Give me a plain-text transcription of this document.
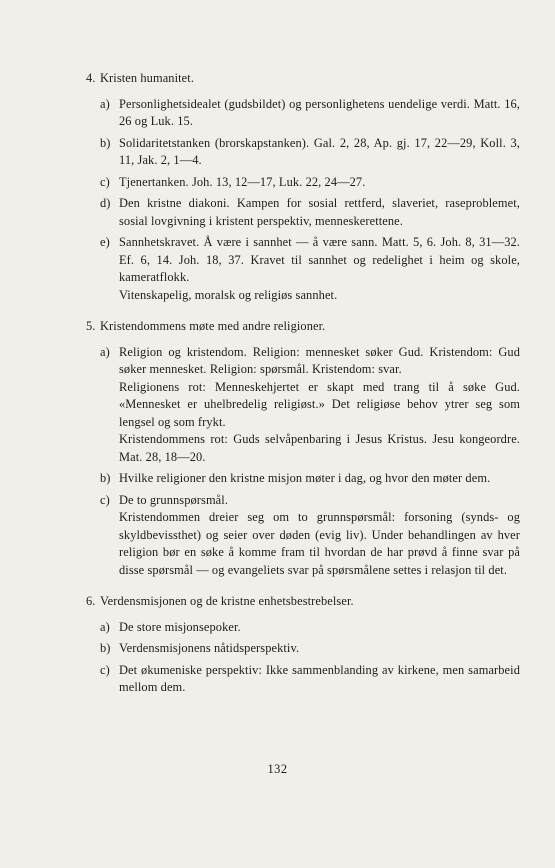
4. Kristen humanitet.
a) Personlighetsidealet (gudsbildet) og personlighetens uendelige verdi. Matt. 16, 26 og Luk. 15.

b) Solidaritetstanken (brorskapstanken). Gal. 2, 28, Ap. gj. 17, 22—29, Koll. 3, 11, Jak. 2, 1—4.

c) Tjenertanken. Joh. 13, 12—17, Luk. 22, 24—27.

d) Den kristne diakoni. Kampen for sosial rettferd, slaveriet, raseproblemet, sosial lovgivning i kristent perspektiv, menneskerettene.

e) Sannhetskravet. Å være i sannhet — å være sann. Matt. 5, 6. Joh. 8, 31—32. Ef. 6, 14. Joh. 18, 37. Kravet til sannhet og redelighet i heim og skole, kameratflokk.

Vitenskapelig, moralsk og religiøs sannhet.

5. Kristendommens møte med andre religioner.
a) Religion og kristendom. Religion: mennesket søker Gud. Kristendom: Gud søker mennesket. Religion: spørsmål. Kristendom: svar.

Religionens rot: Menneskehjertet er skapt med trang til å søke Gud. «Mennesket er uhelbredelig religiøst.» Det religiøse behov ytrer seg som lengsel og som frykt.

Kristendommens rot: Guds selvåpenbaring i Jesus Kristus. Jesu kongeordre. Mat. 28, 18—20.

b) Hvilke religioner den kristne misjon møter i dag, og hvor den møter dem.

c) De to grunnspørsmål.

Kristendommen dreier seg om to grunnspørsmål: forsoning (synds- og skyldbevissthet) og seier over døden (evig liv). Under behandlingen av hver religion bør en søke å komme fram til hvordan de har prøvd å finne svar på disse spørsmål — og evangeliets svar på spørsmålene settes i relasjon til det.

6. Verdensmisjonen og de kristne enhetsbestrebelser.
a) De store misjonsepoker.

b) Verdensmisjonens nåtidsperspektiv.

c) Det økumeniske perspektiv: Ikke sammenblanding av kirkene, men samarbeid mellom dem.

132
